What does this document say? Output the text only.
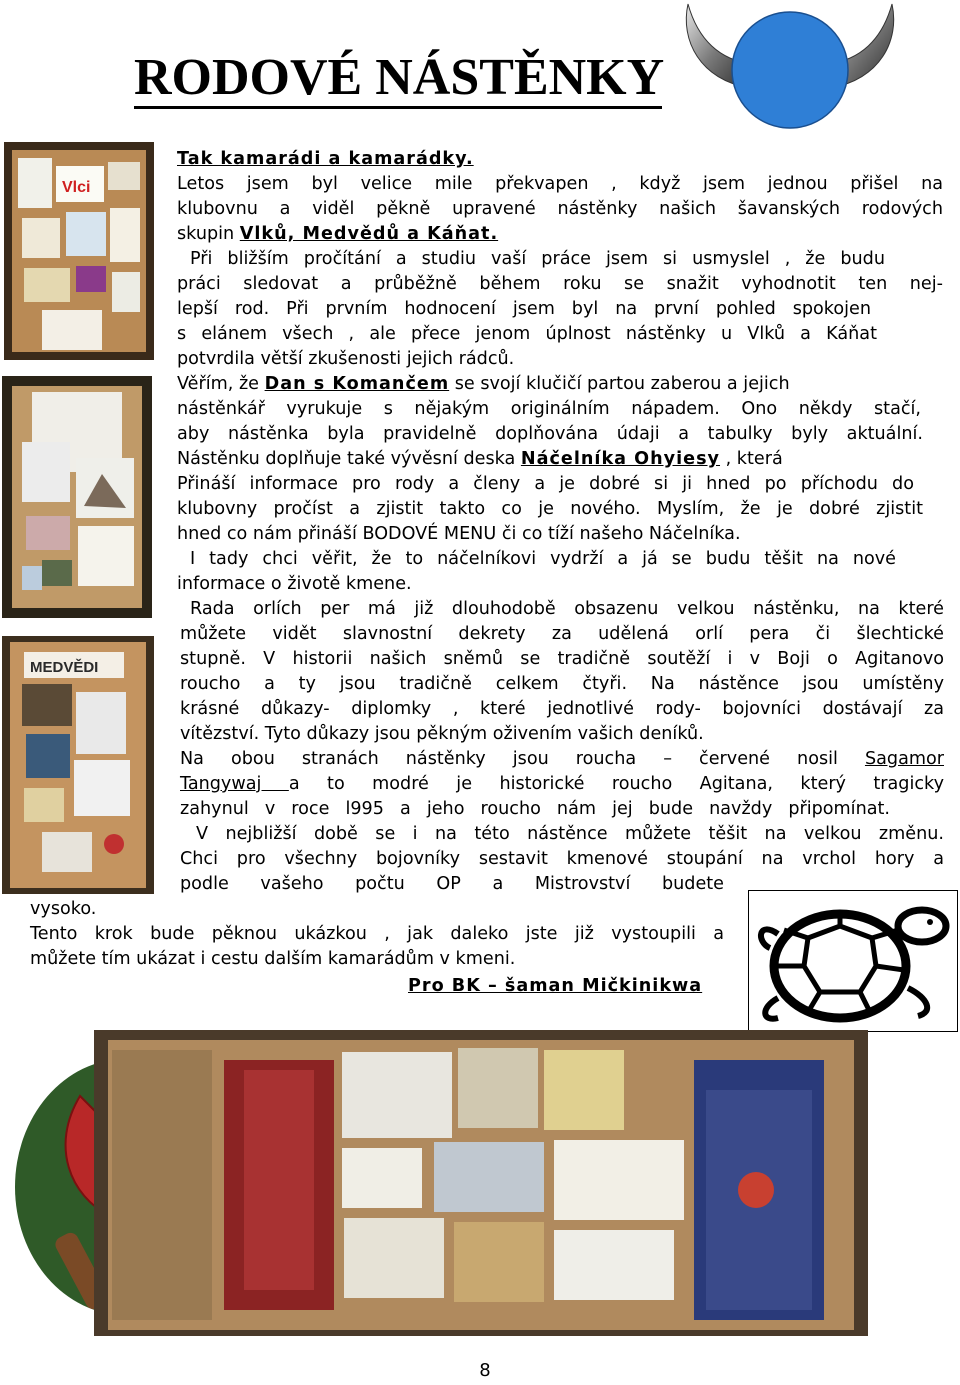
RODOVÉ NÁSTĚNKY
Vlci
MEDVĚDI
Tak kamarádi a kamarádky.
Letos jsem byl velice mile překvapen , když jsem jednou přišel na
klubovnu a viděl pěkně upravené nástěnky našich šavanských rodových
skupin Vlků, Medvědů a Káňat.
Při bližším pročítání a studiu vaší práce jsem si usmyslel , že budu
práci sledovat a průběžně během roku se snažit vyhodnotit ten nej-
lepší rod. Při prvním hodnocení jsem byl na první pohled spokojen
s elánem všech , ale přece jenom úplnost nástěnky u Vlků a Káňat
potvrdila větší zkušenosti jejich rádců.
Věřím, že Dan s Komančem se svojí klučičí partou zaberou a jejich
nástěnkář vyrukuje s nějakým originálním nápadem. Ono někdy stačí,
aby nástěnka byla pravidelně doplňována údaji a tabulky byly aktuální.
Nástěnku doplňuje také vývěsní deska Náčelníka Ohyiesy , která
Přináší informace pro rody a členy a je dobré si ji hned po příchodu do
klubovny pročíst a zjistit takto co je nového. Myslím, že je dobré zjistit
hned co nám přináší BODOVÉ MENU či co tíží našeho Náčelníka.
I tady chci věřit, že to náčelníkovi vydrží a já se budu těšit na nové
informace o životě kmene.
Rada orlích per má již dlouhodobě obsazenu velkou nástěnku, na které
můžete vidět slavnostní dekrety za udělená orlí pera či šlechtické
stupně. V historii našich sněmů se tradičně soutěží i v Boji o Agitanovo
roucho a ty jsou tradičně celkem čtyři. Na nástěnce jsou umístěny
krásné důkazy- diplomky , které jednotlivé rody- bojovníci dostávají za
vítězství. Tyto důkazy jsou pěkným oživením vašich deníků.
Na obou stranách nástěnky jsou roucha – červené nosil Sagamor
Tangywaj a to modré je historické roucho Agitana, který tragicky
zahynul v roce l995 a jeho roucho nám jej bude navždy připomínat.
V nejbližší době se i na této nástěnce můžete těšit na velkou změnu.
Chci pro všechny bojovníky sestavit kmenové stoupání na vrchol hory a
podle vašeho počtu OP a Mistrovství budete
vysoko.
Tento krok bude pěknou ukázkou , jak daleko jste již vystoupili a
můžete tím ukázat i cestu dalším kamarádům v kmeni.
Pro BK – šaman Mičkinikwa
8
